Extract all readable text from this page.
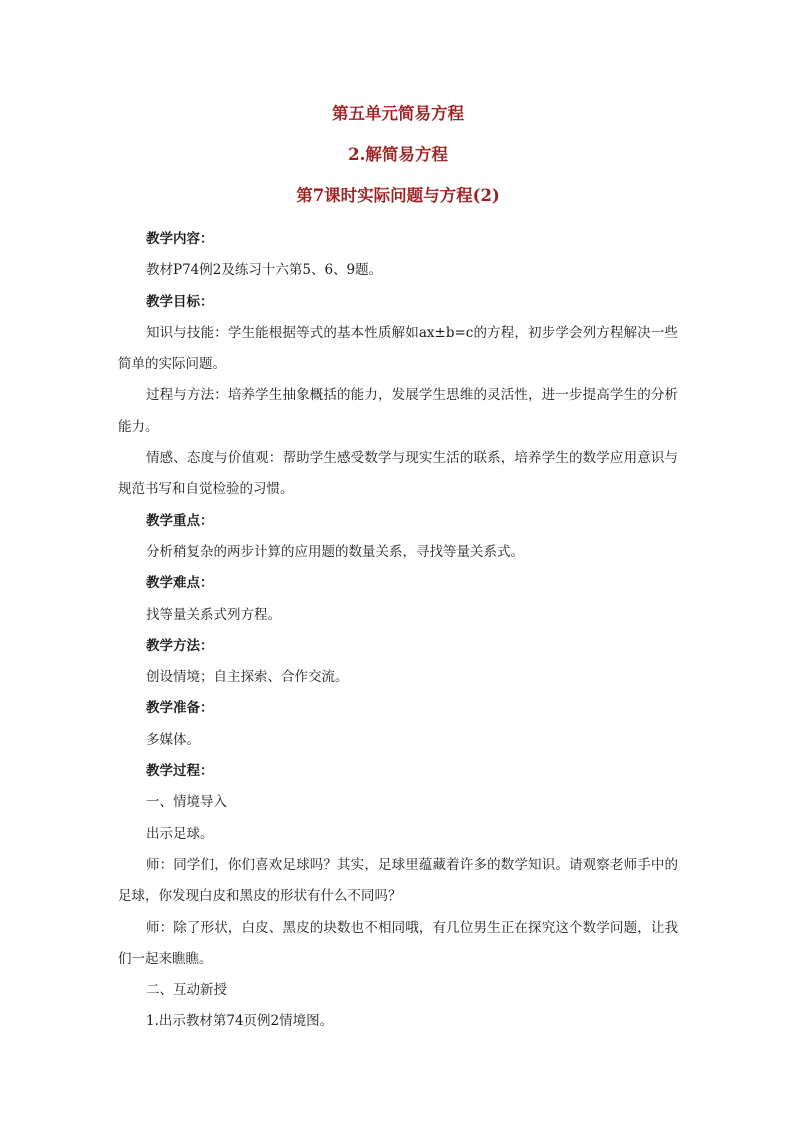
第五单元简易方程
2.解简易方程
第7课时实际问题与方程(2)

教学内容：

教材P74例2及练习十六第5、6、9题。

教学目标：

知识与技能：学生能根据等式的基本性质解如ax±b=c的方程，初步学会列方程解决一些简单的实际问题。

过程与方法：培养学生抽象概括的能力，发展学生思维的灵活性，进一步提高学生的分析能力。

情感、态度与价值观：帮助学生感受数学与现实生活的联系，培养学生的数学应用意识与规范书写和自觉检验的习惯。

教学重点：

分析稍复杂的两步计算的应用题的数量关系，寻找等量关系式。

教学难点：

找等量关系式列方程。

教学方法：

创设情境；自主探索、合作交流。

教学准备：

多媒体。

教学过程：

一、情境导入

出示足球。

师：同学们，你们喜欢足球吗？其实，足球里蕴藏着许多的数学知识。请观察老师手中的足球，你发现白皮和黑皮的形状有什么不同吗？

师：除了形状，白皮、黑皮的块数也不相同哦，有几位男生正在探究这个数学问题，让我们一起来瞧瞧。

二、互动新授

1.出示教材第74页例2情境图。
